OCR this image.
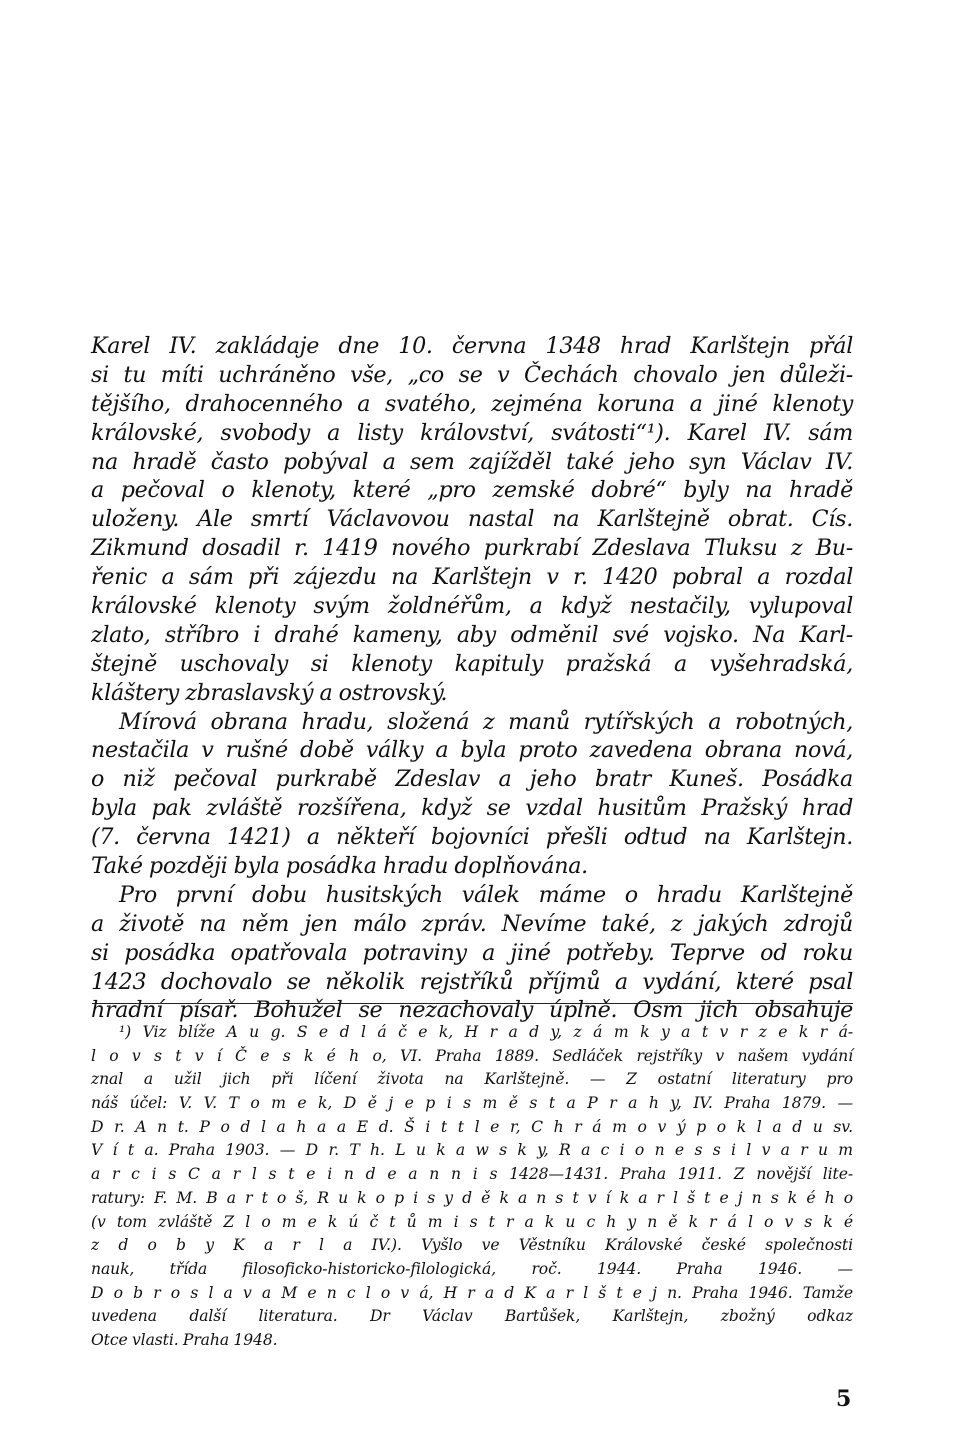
Karel IV. zakládaje dne 10. června 1348 hrad Karlštejn přál
si tu míti uchráněno vše, „co se v Čechách chovalo jen důleži-
tějšího, drahocenného a svatého, zejména koruna a jiné klenoty
královské, svobody a listy království, svátosti“¹). Karel IV. sám
na hradě často pobýval a sem zajížděl také jeho syn Václav IV.
a pečoval o klenoty, které „pro zemské dobré“ byly na hradě
uloženy. Ale smrtí Václavovou nastal na Karlštejně obrat. Cís.
Zikmund dosadil r. 1419 nového purkrabí Zdeslava Tluksu z Bu-
řenic a sám při zájezdu na Karlštejn v r. 1420 pobral a rozdal
královské klenoty svým žoldnéřům, a když nestačily, vylupoval
zlato, stříbro i drahé kameny, aby odměnil své vojsko. Na Karl-
štejně uschovaly si klenoty kapituly pražská a vyšehradská,
kláštery zbraslavský a ostrovský.
Mírová obrana hradu, složená z manů rytířských a robotných,
nestačila v rušné době války a byla proto zavedena obrana nová,
o niž pečoval purkrabě Zdeslav a jeho bratr Kuneš. Posádka
byla pak zvláště rozšířena, když se vzdal husitům Pražský hrad
(7. června 1421) a někteří bojovníci přešli odtud na Karlštejn.
Také později byla posádka hradu doplňována.
Pro první dobu husitských válek máme o hradu Karlštejně
a životě na něm jen málo zpráv. Nevíme také, z jakých zdrojů
si posádka opatřovala potraviny a jiné potřeby. Teprve od roku
1423 dochovalo se několik rejstříků příjmů a vydání, které psal
hradní písař. Bohužel se nezachovaly úplně. Osm jich obsahuje
¹) Viz blíže A u g. S e d l á č e k, H r a d y, z á m k y a t v r z e k r á-
l o v s t v í Č e s k é h o, VI. Praha 1889. Sedláček rejstříky v našem vydání
znal a užil jich při líčení života na Karlštejně. — Z ostatní literatury pro
náš účel: V. V. T o m e k, D ě j e p i s m ě s t a P r a h y, IV. Praha 1879. —
D r. A n t. P o d l a h a a E d. Š i t t l e r, C h r á m o v ý p o k l a d u sv.
V í t a. Praha 1903. — D r. T h. L u k a w s k y, R a c i o n e s s i l v a r u m
a r c i s C a r l s t e i n d e a n n i s 1428—1431. Praha 1911. Z novější lite-
ratury: F. M. B a r t o š, R u k o p i s y d ě k a n s t v í k a r l š t e j n s k é h o
(v tom zvláště Z l o m e k ú č t ů m i s t r a k u c h y n ě k r á l o v s k é
z d o b y K a r l a IV.). Vyšlo ve Věstníku Královské české společnosti
nauk, třída filosoficko-historicko-filologická, roč. 1944. Praha 1946. —
D o b r o s l a v a M e n c l o v á, H r a d K a r l š t e j n. Praha 1946. Tamže
uvedena další literatura. Dr Václav Bartůšek, Karlštejn, zbožný odkaz
Otce vlasti. Praha 1948.
5
